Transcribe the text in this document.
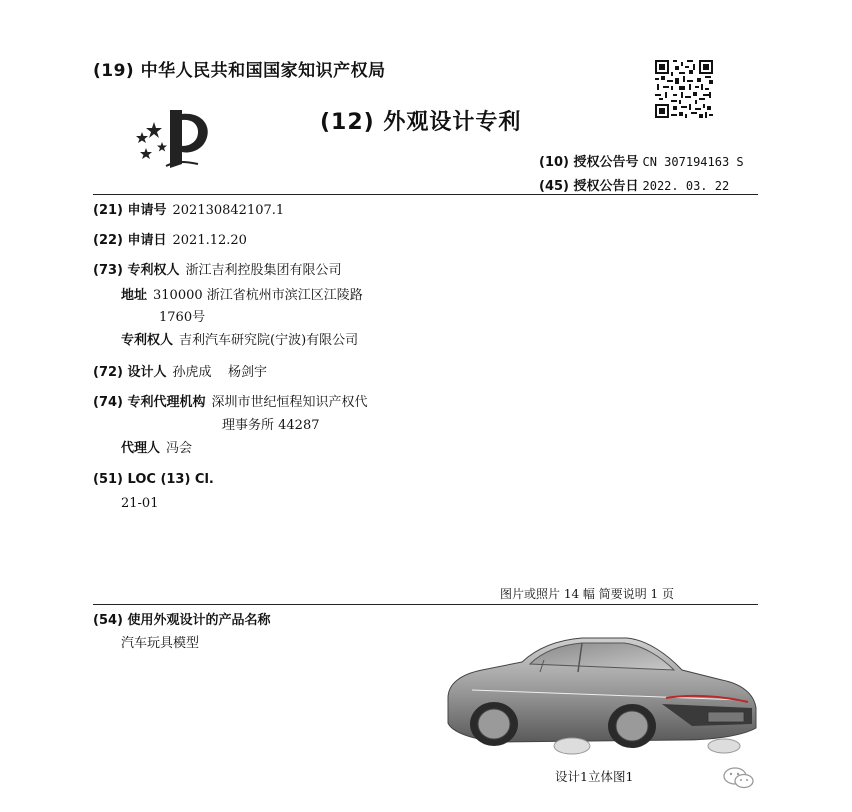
(19) 中华人民共和国国家知识产权局
(12) 外观设计专利
(10) 授权公告号 CN 307194163 S
(45) 授权公告日 2022. 03. 22
(21) 申请号 202130842107.1
(22) 申请日 2021.12.20
(73) 专利权人 浙江吉利控股集团有限公司
地址 310000 浙江省杭州市滨江区江陵路
1760号
专利权人 吉利汽车研究院(宁波)有限公司
(72) 设计人 孙虎成    杨剑宇
(74) 专利代理机构 深圳市世纪恒程知识产权代
理事务所 44287
代理人 冯会
(51) LOC (13) Cl.
21-01
图片或照片 14 幅 简要说明 1 页
(54) 使用外观设计的产品名称
汽车玩具模型
设计1立体图1
